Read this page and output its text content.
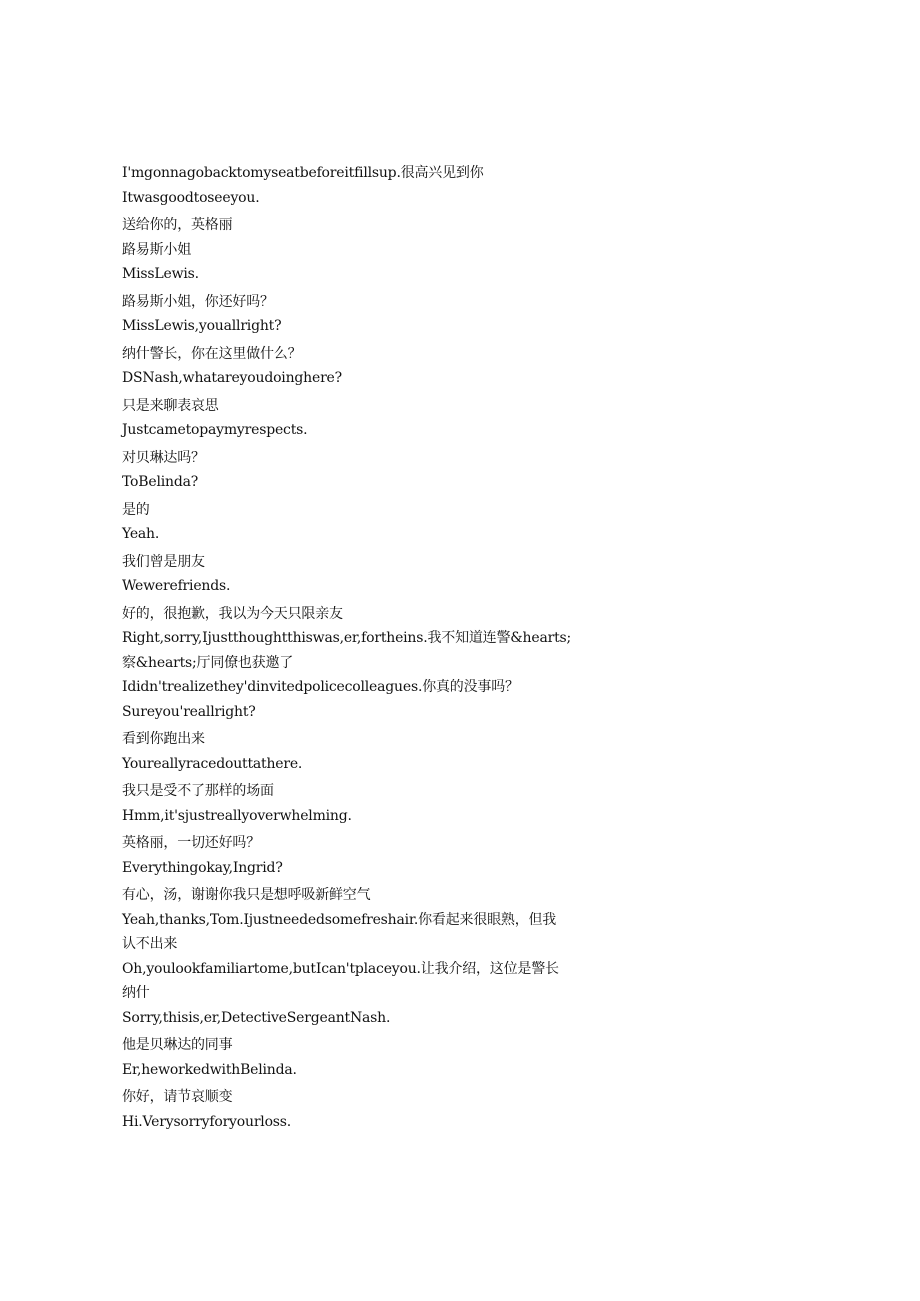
I'mgonnagobacktomyseatbeforeitfillsup.很高兴见到你

Itwasgoodtoseeyou.

送给你的，英格丽

路易斯小姐

MissLewis.

路易斯小姐，你还好吗？

MissLewis,youallright?

纳什警长，你在这里做什么？

DSNash,whatareyoudoinghere?

只是来聊表哀思

Justcametopaymyrespects.

对贝琳达吗？

ToBelinda?

是的

Yeah.

我们曾是朋友

Wewerefriends.

好的，很抱歉，我以为今天只限亲友

Right,sorry,Ijustthoughtthiswas,er,fortheins.我不知道连警&hearts;

察&hearts;厅同僚也获邀了

Ididn'trealizethey'dinvitedpolicecolleagues.你真的没事吗？

Sureyou'reallright?

看到你跑出来

Youreallyracedouttathere.

我只是受不了那样的场面

Hmm,it'sjustreallyoverwhelming.

英格丽，一切还好吗？

Everythingokay,Ingrid?

有心，汤，谢谢你我只是想呼吸新鲜空气

Yeah,thanks,Tom.Ijustneededsomefreshair.你看起来很眼熟，但我

认不出来

Oh,youlookfamiliartome,butIcan'tplaceyou.让我介绍，这位是警长

纳什

Sorry,thisis,er,DetectiveSergeantNash.

他是贝琳达的同事

Er,heworkedwithBelinda.

你好，请节哀顺变

Hi.Verysorryforyourloss.
